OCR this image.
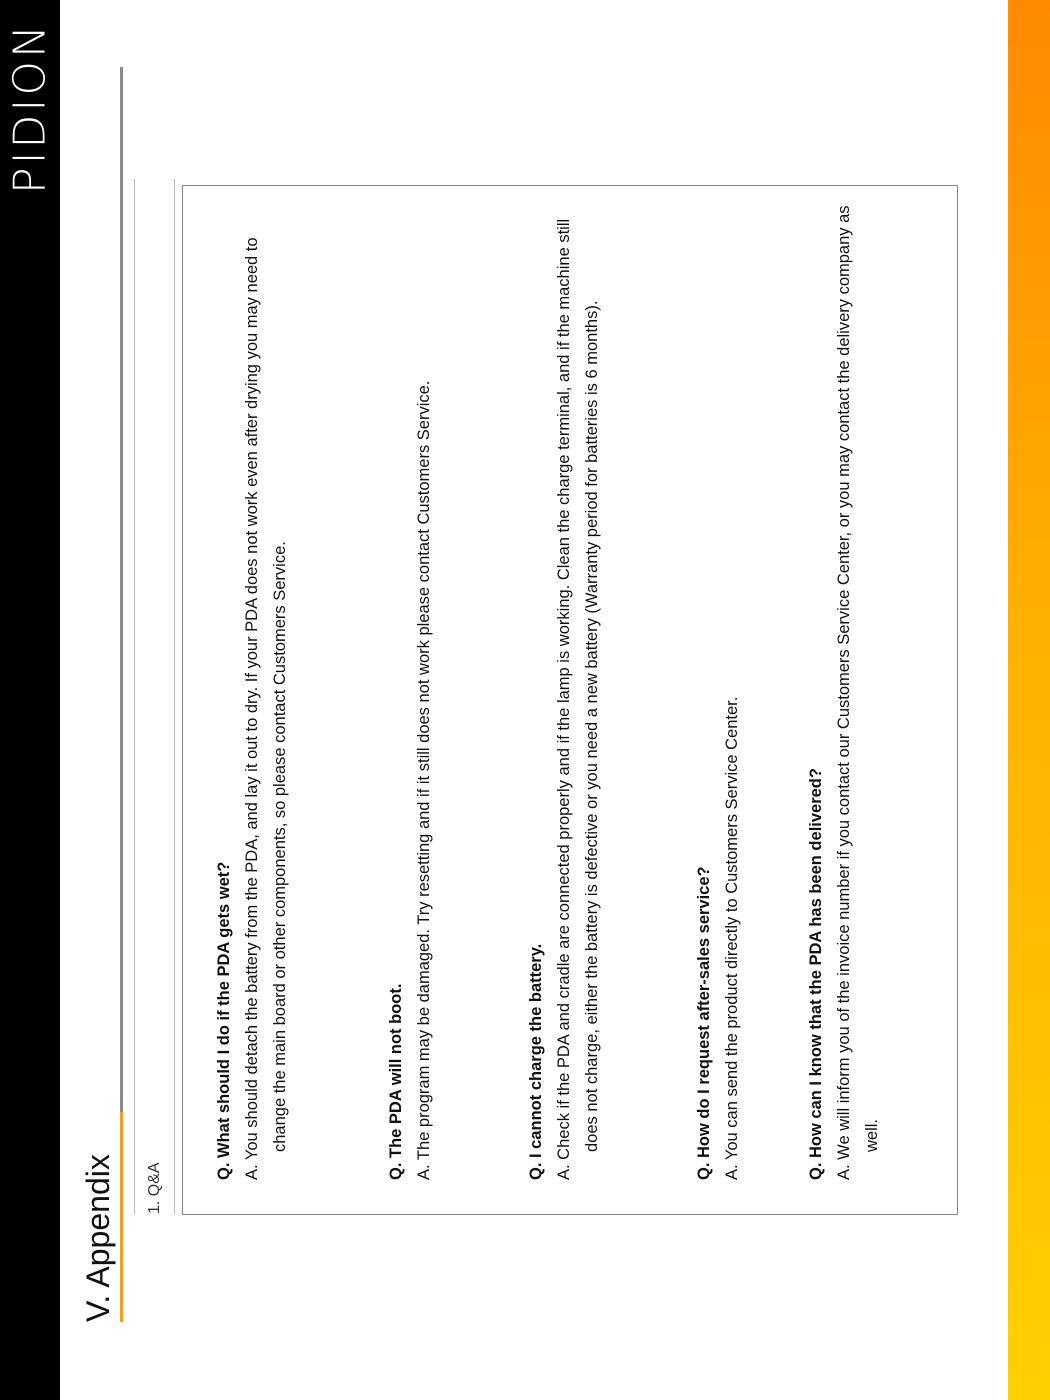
PIDION
V. Appendix 1. Q&A
Q. What should I do if the PDA gets wet? A. You should detach the battery from the PDA, and lay it out to dry. If your PDA does not work even after drying you may need to change the main board or other components, so please contact Customers Service.	Q. The PDA will not boot. A. The program may be damaged. Try resetting and if it still does not work please contact Customers Service.	Q. I cannot charge the battery. A. Check if the PDA and cradle are connected properly and if the lamp is working. Clean the charge terminal, and if the machine still does not charge, either the battery is defective or you need a new battery (Warranty period for batteries is 6 months).	Q. How do I request after-sales service? A. You can send the product directly to Customers Service Center.	Q. How can I know that the PDA has been delivered? A. We will inform you of the invoice number if you contact our Customers Service Center, or you may contact the delivery company as well.
